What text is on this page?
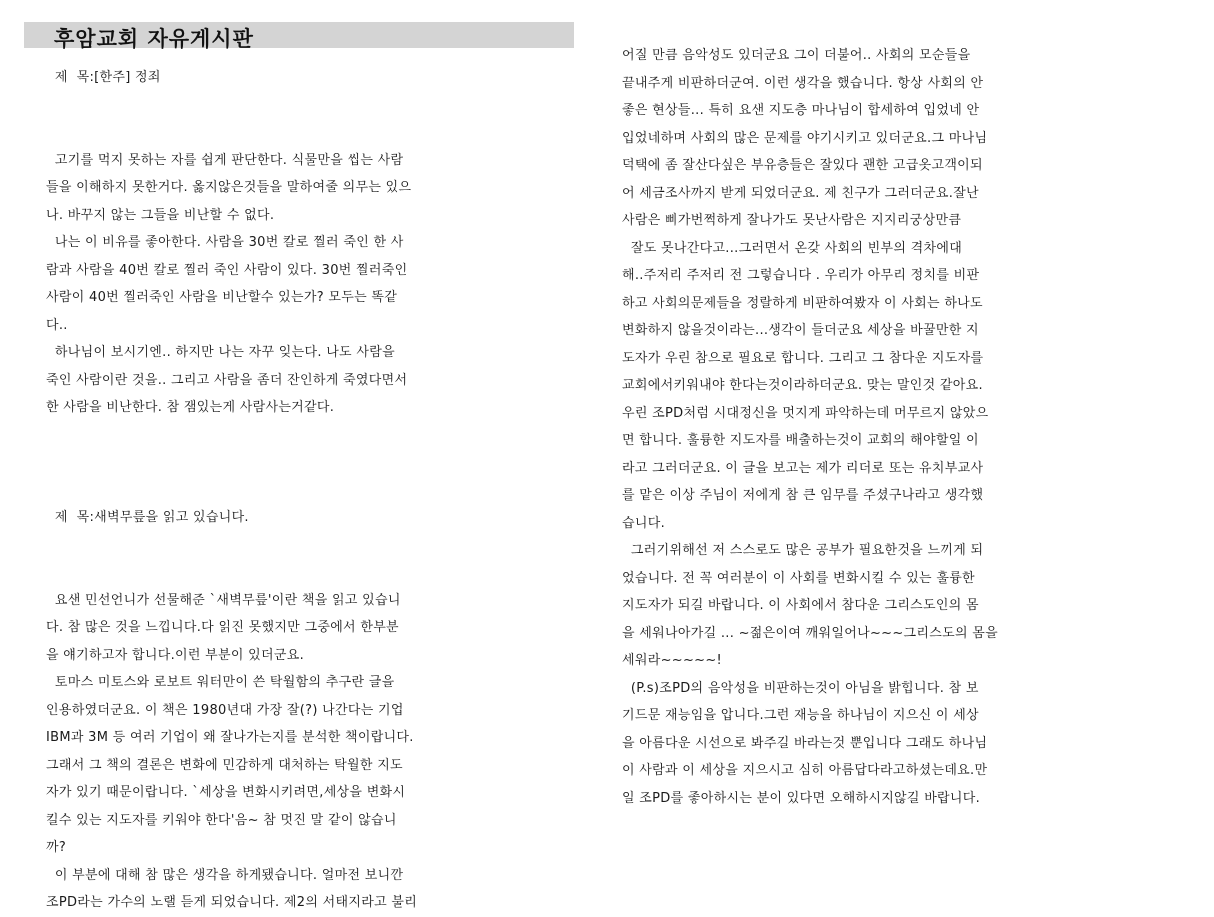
후암교회 자유게시판
제  목:[한주] 정죄
고기를 먹지 못하는 자를 쉽게 판단한다. 식물만을 씹는 사람
들을 이해하지 못한거다. 옳지않은것들을 말하여줄 의무는 있으
나. 바꾸지 않는 그들을 비난할 수 없다.
나는 이 비유를 좋아한다. 사람을 30번 칼로 찔러 죽인 한 사
람과 사람을 40번 칼로 찔러 죽인 사람이 있다. 30번 찔러죽인
사람이 40번 찔러죽인 사람을 비난할수 있는가? 모두는 똑같
다..
하나님이 보시기엔.. 하지만 나는 자꾸 잊는다. 나도 사람을
죽인 사람이란 것을.. 그리고 사람을 좀더 잔인하게 죽였다면서
한 사람을 비난한다. 참 잼있는게 사람사는거같다.
제  목:새벽무릎을 읽고 있습니다.
요샌 민선언니가 선물해준 `새벽무릎'이란 책을 읽고 있습니
다. 참 많은 것을 느낍니다.다 읽진 못했지만 그중에서 한부분
을 얘기하고자 합니다.이런 부분이 있더군요.
토마스 미토스와 로보트 워터만이 쓴 탁월함의 추구란 글을
인용하였더군요. 이 책은 1980년대 가장 잘(?) 나간다는 기업
IBM과 3M 등 여러 기업이 왜 잘나가는지를 분석한 책이랍니다.
그래서 그 책의 결론은 변화에 민감하게 대처하는 탁월한 지도
자가 있기 때문이랍니다. `세상을 변화시키려면,세상을 변화시
킬수 있는 지도자를 키워야 한다'음~ 참 멋진 말 같이 않습니
까?
이 부분에 대해 참 많은 생각을 하게됐습니다. 얼마전 보니깐
조PD라는 가수의 노랠 듣게 되었습니다. 제2의 서태지라고 불리
어질 만큼 음악성도 있더군요 그이 더불어.. 사회의 모순들을
끝내주게 비판하더군여. 이런 생각을 했습니다. 항상 사회의 안
좋은 현상들... 특히 요샌 지도층 마나님이 합세하여 입었네 안
입었네하며 사회의 많은 문제를 야기시키고 있더군요.그 마나님
덕택에 좀 잘산다싶은 부유층들은 잘있다 괜한 고급옷고객이되
어 세금조사까지 받게 되었더군요. 제 친구가 그러더군요.잘난
사람은 삐가번쩍하게 잘나가도 못난사람은 지지리궁상만큼
잘도 못나간다고...그러면서 온갖 사회의 빈부의 격차에대
해..주저리 주저리 전 그렇습니다 . 우리가 아무리 정치를 비판
하고 사회의문제들을 정랄하게 비판하여봤자 이 사회는 하나도
변화하지 않을것이라는...생각이 들더군요 세상을 바꿀만한 지
도자가 우린 참으로 필요로 합니다. 그리고 그 참다운 지도자를
교회에서키워내야 한다는것이라하더군요. 맞는 말인것 같아요.
우린 조PD처럼 시대정신을 멋지게 파악하는데 머무르지 않았으
면 합니다. 훌륭한 지도자를 배출하는것이 교회의 해야할일 이
라고 그러더군요. 이 글을 보고는 제가 리더로 또는 유치부교사
를 맡은 이상 주님이 저에게 참 큰 임무를 주셨구나라고 생각했
습니다.
그러기위해선 저 스스로도 많은 공부가 필요한것을 느끼게 되
었습니다. 전 꼭 여러분이 이 사회를 변화시킬 수 있는 훌륭한
지도자가 되길 바랍니다. 이 사회에서 참다운 그리스도인의 몸
을 세워나아가길 ... ~젊은이여 깨워일어나~~~그리스도의 몸을
세워라~~~~~!
(P.s)조PD의 음악성을 비판하는것이 아님을 밝힙니다. 참 보
기드문 재능임을 압니다.그런 재능을 하나님이 지으신 이 세상
을 아름다운 시선으로 봐주길 바라는것 뿐입니다 그래도 하나님
이 사람과 이 세상을 지으시고 심히 아름답다라고하셨는데요.만
일 조PD를 좋아하시는 분이 있다면 오해하시지않길 바랍니다.
